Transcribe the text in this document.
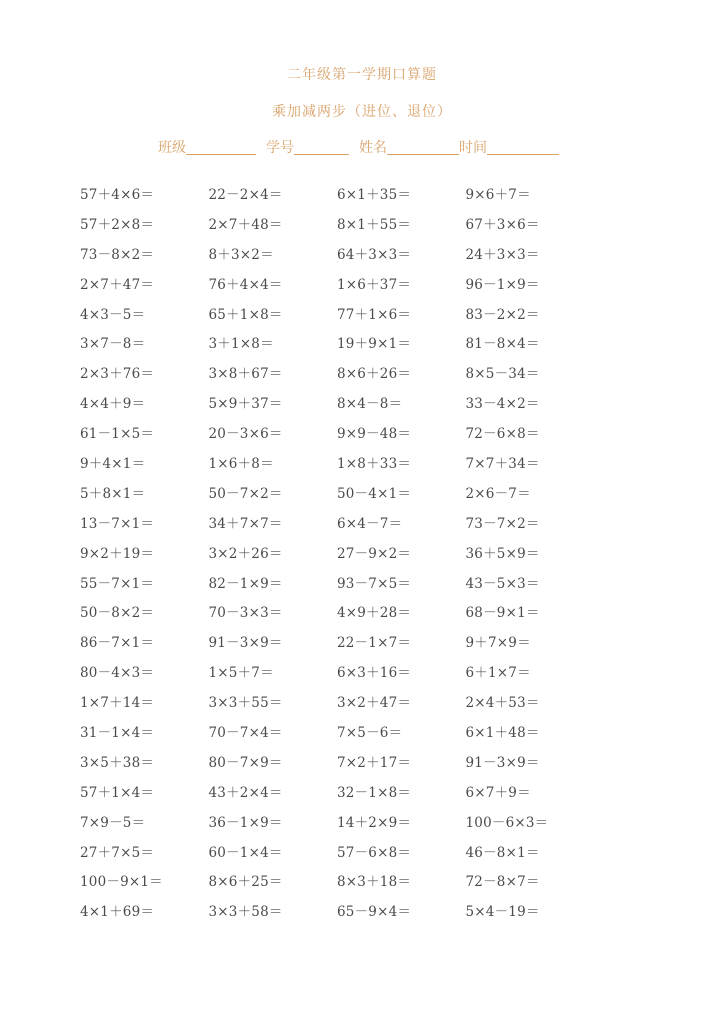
二年级第一学期口算题
乘加减两步（进位、退位）
班级	学号	姓名	时间
57＋4×6＝	22－2×4＝	6×1＋35＝	9×6＋7＝
57＋2×8＝	2×7＋48＝	8×1＋55＝	67＋3×6＝
73－8×2＝	8＋3×2＝	64＋3×3＝	24＋3×3＝
2×7＋47＝	76＋4×4＝	1×6＋37＝	96－1×9＝
4×3－5＝	65＋1×8＝	77＋1×6＝	83－2×2＝
3×7－8＝	3＋1×8＝	19＋9×1＝	81－8×4＝
2×3＋76＝	3×8＋67＝	8×6＋26＝	8×5－34＝
4×4＋9＝	5×9＋37＝	8×4－8＝	33－4×2＝
61－1×5＝	20－3×6＝	9×9－48＝	72－6×8＝
9＋4×1＝	1×6＋8＝	1×8＋33＝	7×7＋34＝
5＋8×1＝	50－7×2＝	50－4×1＝	2×6－7＝
13－7×1＝	34＋7×7＝	6×4－7＝	73－7×2＝
9×2＋19＝	3×2＋26＝	27－9×2＝	36＋5×9＝
55－7×1＝	82－1×9＝	93－7×5＝	43－5×3＝
50－8×2＝	70－3×3＝	4×9＋28＝	68－9×1＝
86－7×1＝	91－3×9＝	22－1×7＝	9＋7×9＝
80－4×3＝	1×5＋7＝	6×3＋16＝	6＋1×7＝
1×7＋14＝	3×3＋55＝	3×2＋47＝	2×4＋53＝
31－1×4＝	70－7×4＝	7×5－6＝	6×1＋48＝
3×5＋38＝	80－7×9＝	7×2＋17＝	91－3×9＝
57＋1×4＝	43＋2×4＝	32－1×8＝	6×7＋9＝
7×9－5＝	36－1×9＝	14＋2×9＝	100－6×3＝
27＋7×5＝	60－1×4＝	57－6×8＝	46－8×1＝
100－9×1＝	8×6＋25＝	8×3＋18＝	72－8×7＝
4×1＋69＝	3×3＋58＝	65－9×4＝	5×4－19＝
